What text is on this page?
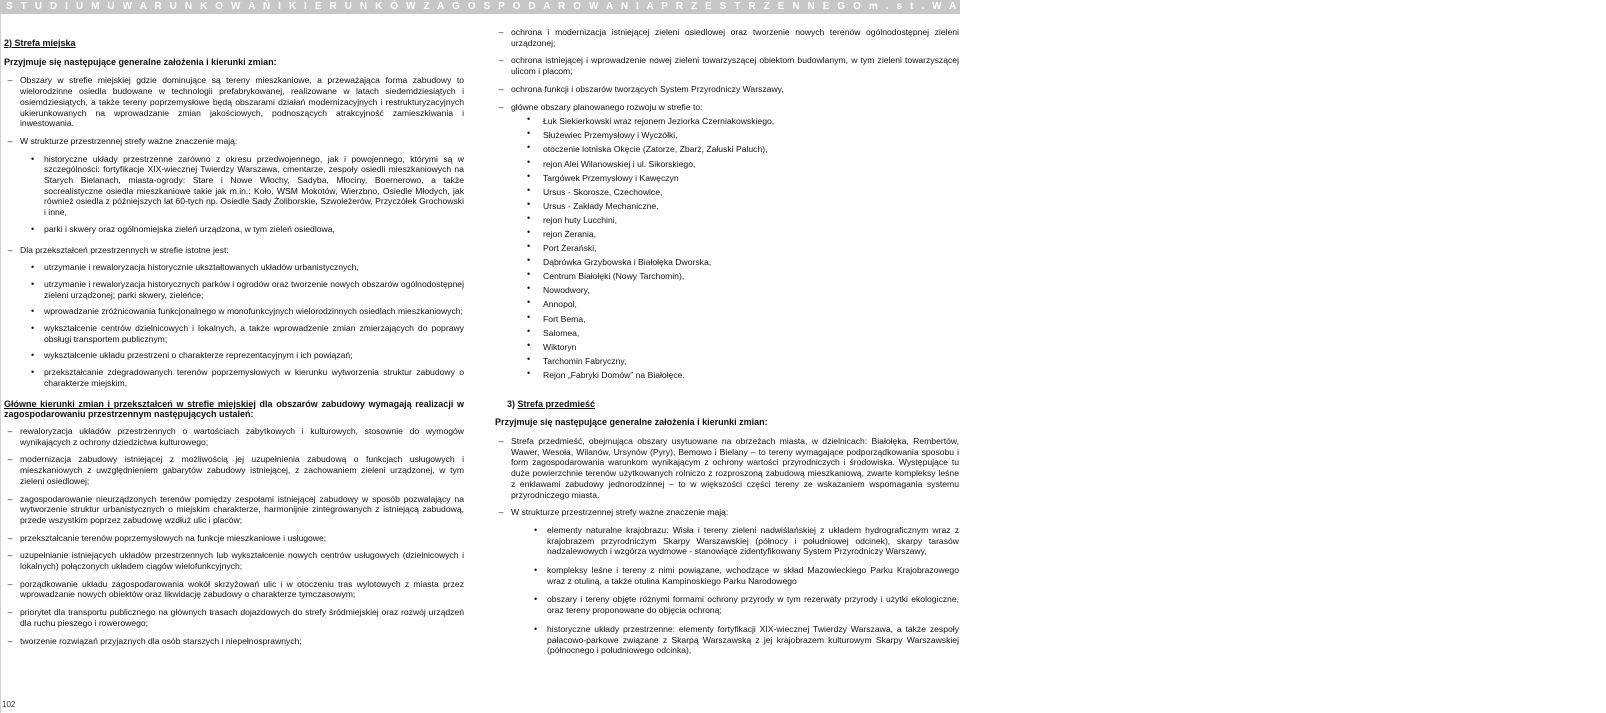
S T U D I U M U W A R U N K O W A Ń I K I E R U N K Ó W Z A G O S P O D A R O W A N I A P R Z E S T R Z E N N E G O m . s t . W A R S Z A W Y K I E R U N K I Z A G O S P O D A R O W A N I A P R Z E S T R Z E N N E G O
2) Strefa miejska
Przyjmuje się następujące generalne założenia i kierunki zmian:
– Obszary w strefie miejskiej gdzie dominujące są tereny mieszkaniowe, a przeważająca forma zabudowy to wielorodzinne osiedla budowane w technologii prefabrykowanej, realizowane w latach siedemdziesiątych i osiemdziesiątych, a także tereny poprzemysłowe będą obszarami działań modernizacyjnych i restrukturyzacyjnych ukierunkowanych na wprowadzanie zmian jakościowych, podnoszących atrakcyjność zamieszkiwania i inwestowania.
– W strukturze przestrzennej strefy ważne znaczenie mają:
• historyczne układy przestrzenne zarówno z okresu przedwojennego, jak i powojennego, którymi są w szczególności: fortyfikacje XIX-wiecznej Twierdzy Warszawa, cmentarze, zespoły osiedli mieszkaniowych na Starych Bielanach, miasta-ogrody: Stare i Nowe Włochy, Sadyba, Młociny, Boernerowo, a także socrealistyczne osiedla mieszkaniowe takie jak m.in.: Koło, WSM Mokotów, Wierzbno, Osiedle Młodych, jak również osiedla z późniejszych lat 60-tych np. Osiedle Sady Żoliborskie, Szwoleżerów, Przyczółek Grochowski i inne,
• parki i skwery oraz ogólnomiejska zieleń urządzona, w tym zieleń osiedlowa,
– Dla przekształceń przestrzennych w strefie istotne jest:
• utrzymanie i rewaloryzacja historycznie ukształtowanych układów urbanistycznych,
• utrzymanie i rewaloryzacja historycznych parków i ogrodów oraz tworzenie nowych obszarów ogólnodostępnej zieleni urządzonej; parki skwery, zieleńce;
• wprowadzanie zróżnicowania funkcjonalnego w monofunkcyjnych wielorodzinnych osiedlach mieszkaniowych;
• wykształcenie centrów dzielnicowych i lokalnych, a także wprowadzenie zmian zmierzających do poprawy obsługi transportem publicznym;
• wykształcenie układu przestrzeni o charakterze reprezentacyjnym i ich powiązań;
• przekształcanie zdegradowanych terenów poprzemysłowych w kierunku wytworzenia struktur zabudowy o charakterze miejskim,
Główne kierunki zmian i przekształceń w strefie miejskiej dla obszarów zabudowy wymagają realizacji w zagospodarowaniu przestrzennym następujących ustaleń:
– rewaloryzacja układów przestrzennych o wartościach zabytkowych i kulturowych, stosownie do wymogów wynikających z ochrony dziedzictwa kulturowego;
– modernizacja zabudowy istniejącej z możliwością jej uzupełnienia zabudową o funkcjach usługowych i mieszkaniowych z uwzględnieniem gabarytów zabudowy istniejącej, z zachowaniem zieleni urządzonej, w tym zieleni osiedlowej;
– zagospodarowanie nieurządzonych terenów pomiędzy zespołami istniejącej zabudowy w sposób pozwalający na wytworzenie struktur urbanistycznych o miejskim charakterze, harmonijnie zintegrowanych z istniejącą zabudową, przede wszystkim poprzez zabudowę wzdłuż ulic i placów;
– przekształcanie terenów poprzemysłowych na funkcje mieszkaniowe i usługowe;
– uzupełnianie istniejących układów przestrzennych lub wykształcenie nowych centrów usługowych (dzielnicowych i lokalnych) połączonych układem ciągów wielofunkcyjnych;
– porządkowanie układu zagospodarowania wokół skrzyżowań ulic i w otoczeniu tras wylotowych z miasta przez wprowadzanie nowych obiektów oraz likwidację zabudowy o charakterze tymczasowym;
– priorytet dla transportu publicznego na głównych trasach dojazdowych do strefy śródmiejskiej oraz rozwój urządzeń dla ruchu pieszego i rowerowego;
– tworzenie rozwiązań przyjaznych dla osób starszych i niepełnosprawnych;
– ochrona i modernizacja istniejącej zieleni osiedlowej oraz tworzenie nowych terenów ogólnodostępnej zieleni urządzonej;
– ochrona istniejącej i wprowadzenie nowej zieleni towarzyszącej obiektom budowlanym, w tym zieleni towarzyszącej ulicom i placom;
– ochrona funkcji i obszarów tworzących System Przyrodniczy Warszawy,
– główne obszary planowanego rozwoju w strefie to:
• Łuk Siekierkowski wraz rejonem Jeziorka Czerniakowskiego,
• Służewiec Przemysłowy i Wyczółki,
• otoczenie lotniska Okęcie (Zatorze, Zbarż, Załuski Paluch),
• rejon Alei Wilanowskiej i ul. Sikorskiego,
• Targówek Przemysłowy i Kawęczyn
• Ursus - Skorosze, Czechowice,
• Ursus - Zakłady Mechaniczne,
• rejon huty Lucchini,
• rejon Żerania,
• Port Żerański,
• Dąbrówka Grzybowska i Białołęka Dworska,
• Centrum Białołęki (Nowy Tarchomin),
• Nowodwory,
• Annopol,
• Fort Bema,
• Salomea,
• Wiktoryn
• Tarchomin Fabryczny,
• Rejon „Fabryki Domów” na Białołęce.
3) Strefa przedmieść
Przyjmuje się następujące generalne założenia i kierunki zmian:
– Strefa przedmieść, obejmująca obszary usytuowane na obrzeżach miasta, w dzielnicach: Białołęka, Rembertów, Wawer, Wesoła, Wilanów, Ursynów (Pyry), Bemowo i Bielany – to tereny wymagające podporządkowania sposobu i form zagospodarowania warunkom wynikającym z ochrony wartości przyrodniczych i środowiska. Występujące tu duże powierzchnie terenów użytkowanych rolniczo z rozproszoną zabudową mieszkaniową, zwarte kompleksy leśne z enklawami zabudowy jednorodzinnej – to w większości części tereny ze wskazaniem wspomagania systemu przyrodniczego miasta.
– W strukturze przestrzennej strefy ważne znaczenie mają:
• elementy naturalne krajobrazu: Wisła i tereny zieleni nadwiślańskiej z układem hydrograficznym wraz z krajobrazem przyrodniczym Skarpy Warszawskiej (północy i południowej odcinek), skarpy tarasów nadzalewowych i wzgórza wydmowe - stanowiące zidentyfikowany System Przyrodniczy Warszawy,
• kompleksy leśne i tereny z nimi powiązane, wchodzące w skład Mazowieckiego Parku Krajobrazowego wraz z otuliną, a także otulina Kampinoskiego Parku Narodowego
• obszary i tereny objęte różnymi formami ochrony przyrody w tym rezerwaty przyrody i użytki ekologiczne, oraz tereny proponowane do objęcia ochroną;
• historyczne układy przestrzenne: elementy fortyfikacji XIX-wiecznej Twierdzy Warszawa, a także zespoły pałacowo-parkowe związane z Skarpą Warszawską z jej krajobrazem kulturowym Skarpy Warszawskiej (północnego i południowego odcinka),
102
